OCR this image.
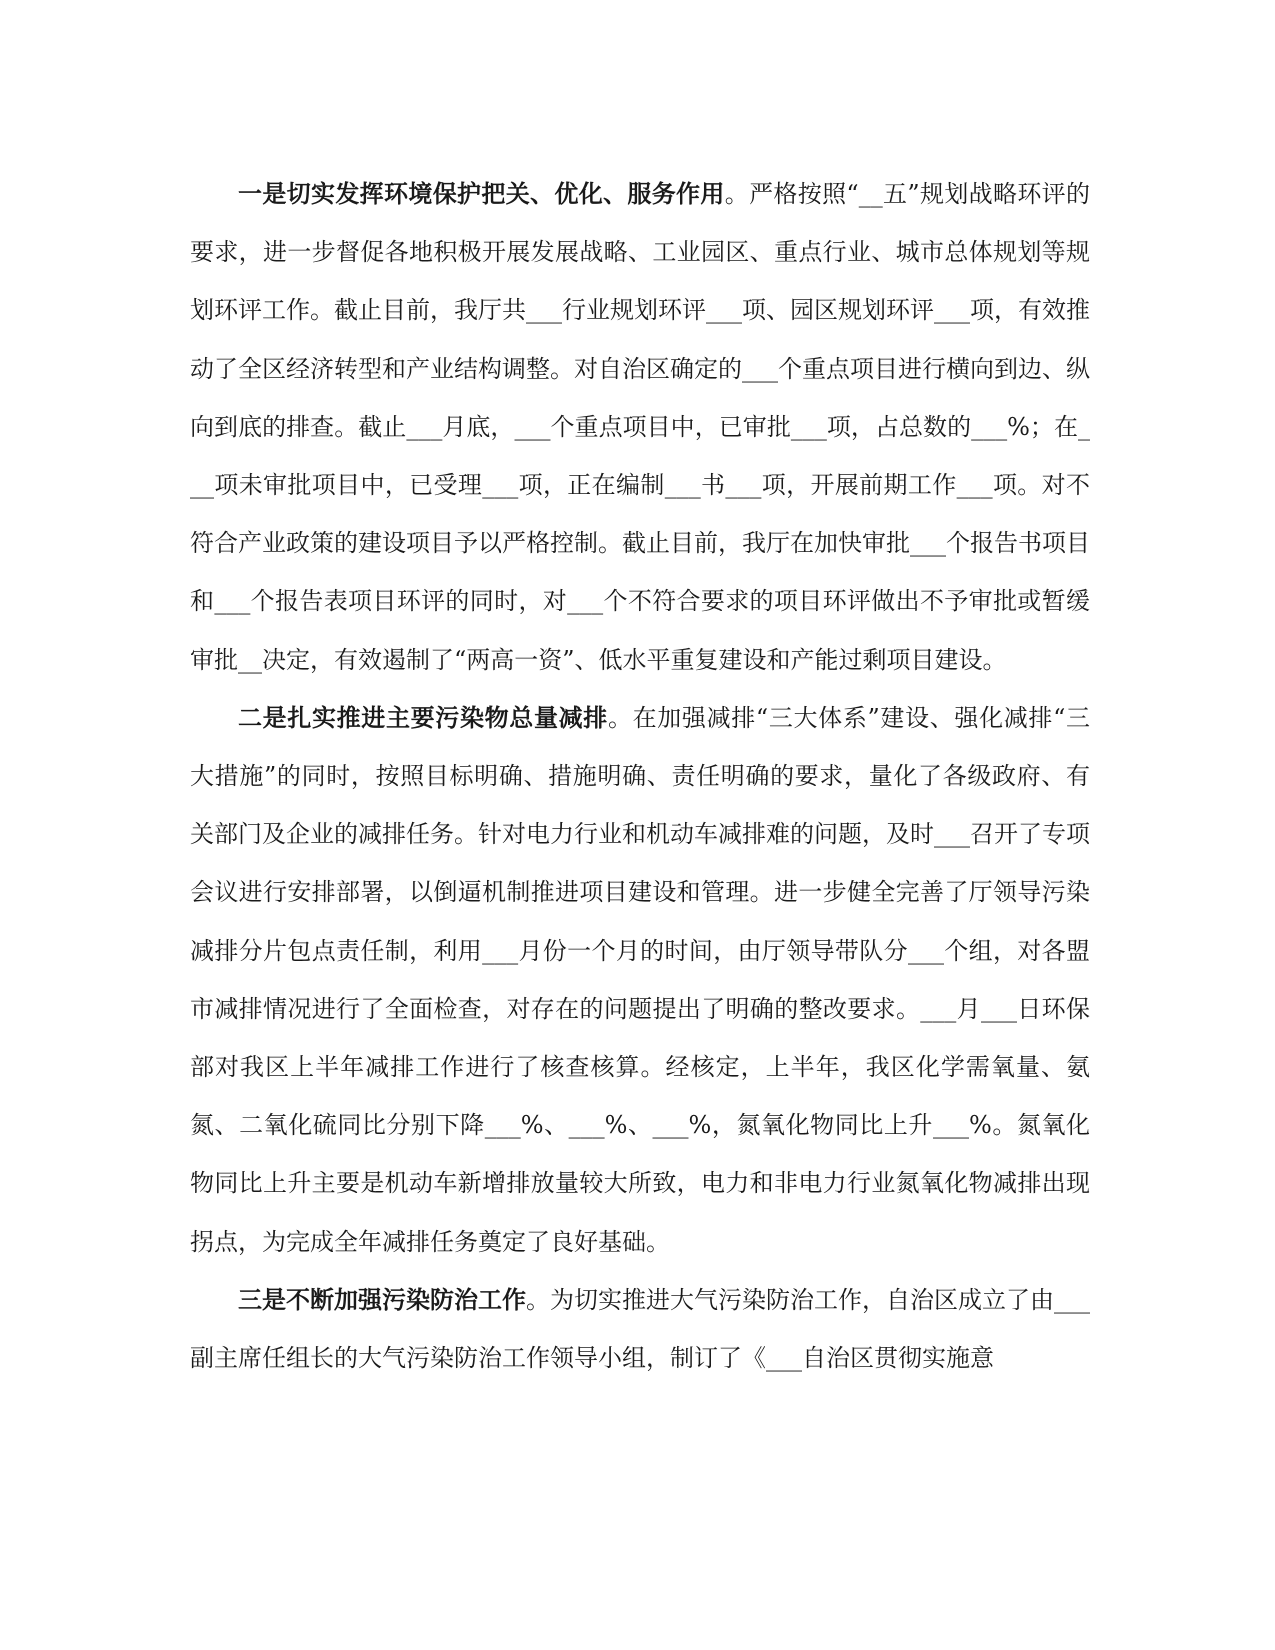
一是切实发挥环境保护把关、优化、服务作用。严格按照“__五”规划战略环评的要求，进一步督促各地积极开展发展战略、工业园区、重点行业、城市总体规划等规划环评工作。截止目前，我厅共___行业规划环评___项、园区规划环评___项，有效推动了全区经济转型和产业结构调整。对自治区确定的___个重点项目进行横向到边、纵向到底的排查。截止___月底，___个重点项目中，已审批___项，占总数的___%；在___项未审批项目中，已受理___项，正在编制___书___项，开展前期工作___项。对不符合产业政策的建设项目予以严格控制。截止目前，我厅在加快审批___个报告书项目和___个报告表项目环评的同时，对___个不符合要求的项目环评做出不予审批或暂缓审批__决定，有效遏制了“两高一资”、低水平重复建设和产能过剩项目建设。

二是扎实推进主要污染物总量减排。在加强减排“三大体系”建设、强化减排“三大措施”的同时，按照目标明确、措施明确、责任明确的要求，量化了各级政府、有关部门及企业的减排任务。针对电力行业和机动车减排难的问题，及时___召开了专项会议进行安排部署，以倒逼机制推进项目建设和管理。进一步健全完善了厅领导污染减排分片包点责任制，利用___月份一个月的时间，由厅领导带队分___个组，对各盟市减排情况进行了全面检查，对存在的问题提出了明确的整改要求。___月___日环保部对我区上半年减排工作进行了核查核算。经核定，上半年，我区化学需氧量、氨氮、二氧化硫同比分别下降___%、___%、___%，氮氧化物同比上升___%。氮氧化物同比上升主要是机动车新增排放量较大所致，电力和非电力行业氮氧化物减排出现拐点，为完成全年减排任务奠定了良好基础。

三是不断加强污染防治工作。为切实推进大气污染防治工作，自治区成立了由___副主席任组长的大气污染防治工作领导小组，制订了《___自治区贯彻实施意
